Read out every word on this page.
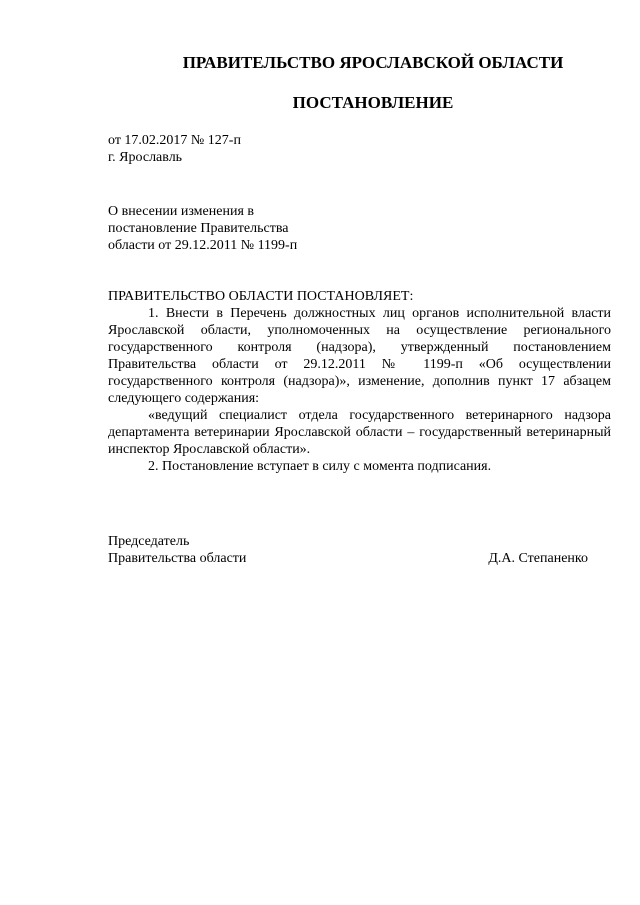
ПРАВИТЕЛЬСТВО ЯРОСЛАВСКОЙ ОБЛАСТИ
ПОСТАНОВЛЕНИЕ
от 17.02.2017 № 127-п
г. Ярославль
О внесении изменения в
постановление Правительства
области от 29.12.2011 № 1199-п

ПРАВИТЕЛЬСТВО ОБЛАСТИ ПОСТАНОВЛЯЕТ:

1. Внести в Перечень должностных лиц органов исполнительной власти Ярославской области, уполномоченных на осуществление регионального государственного контроля (надзора), утвержденный постановлением Правительства области от 29.12.2011 № 1199-п «Об осуществлении государственного контроля (надзора)», изменение, дополнив пункт 17 абзацем следующего содержания:

«ведущий специалист отдела государственного ветеринарного надзора департамента ветеринарии Ярославской области – государственный ветеринарный инспектор Ярославской области».

2. Постановление вступает в силу с момента подписания.

Председатель
Правительства области	Д.А. Степаненко
